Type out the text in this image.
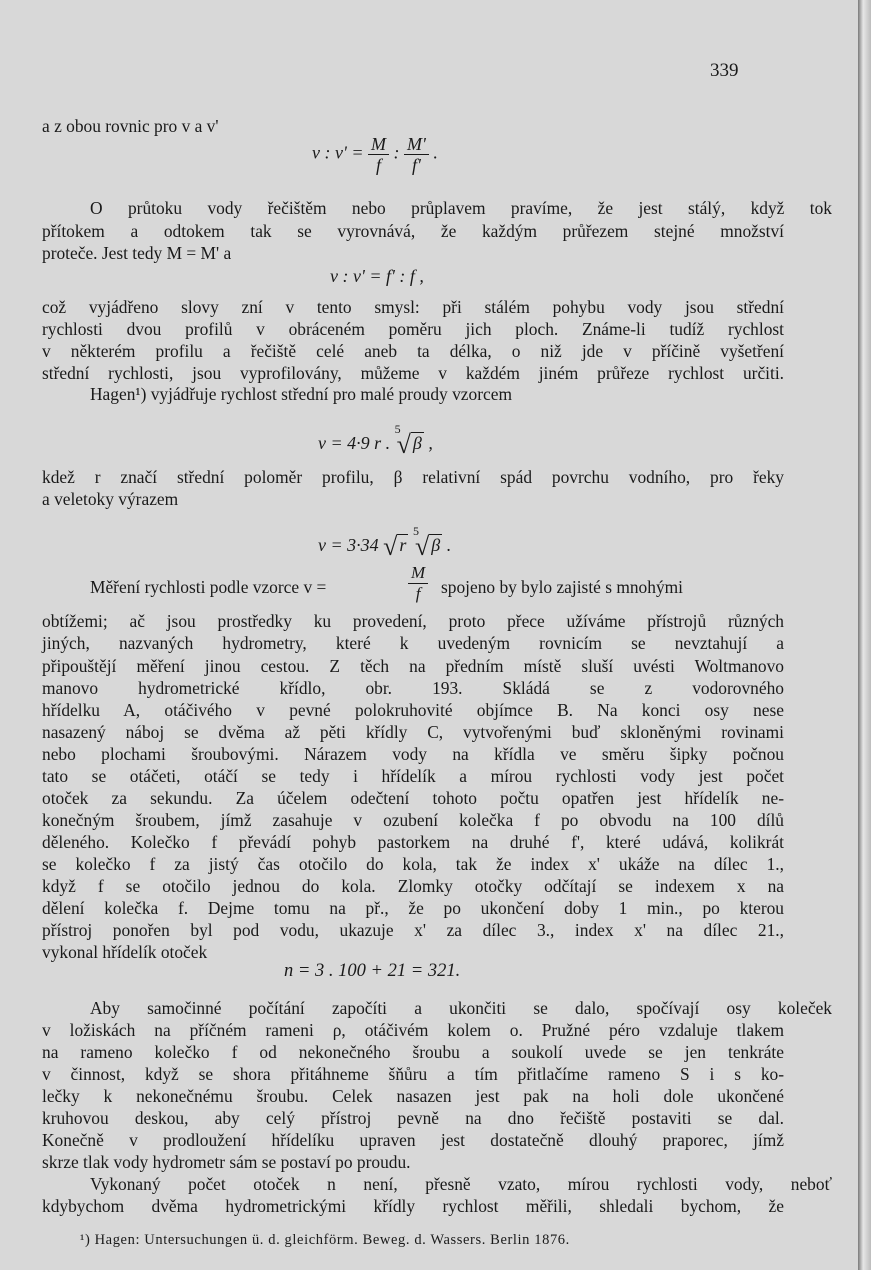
339
a z obou rovnic pro v a v'
v : $v' = \frac{M}{f}$ : $\frac{M'}{f'}$ .
O průtoku vody řečištěm nebo průplavem pravíme, že jest stálý, když tok
přítokem a odtokem tak se vyrovnává, že každým průřezem stejné množství
proteče. Jest tedy M = M' a
v : v' = f' : f ,
což vyjádřeno slovy zní v tento smysl: při stálém pohybu vody jsou střední
rychlosti dvou profilů v obráceném poměru jich ploch. Známe-li tudíž rychlost
v některém profilu a řečiště celé aneb ta délka, o niž jde v příčině vyšetření
střední rychlosti, jsou vyprofilovány, můžeme v každém jiném průřeze rychlost určiti.
Hagen¹) vyjádřuje rychlost střední pro malé proudy vzorcem
v = 4·9 r . $^5$√ β ,
kdež r značí střední poloměr profilu, β relativní spád povrchu vodního, pro řeky
a veletoky výrazem
v = 3·34 √ r $^5$√ β .
Měření rychlosti podle vzorce v =	$\frac{M}{f}$ spojeno by bylo zajisté s mnohými
obtížemi; ač jsou prostředky ku provedení, proto přece užíváme přístrojů různých
jiných, nazvaných hydrometry, které k uvedeným rovnicím se nevztahují a
připouštějí měření jinou cestou. Z těch na předním místě sluší uvésti Woltmanovo
manovo hydrometrické křídlo, obr. 193. Skládá se z vodorovného
hřídelku A, otáčivého v pevné polokruhovité objímce B. Na konci osy nese
nasazený náboj se dvěma až pěti křídly C, vytvořenými buď skloněnými rovinami
nebo plochami šroubovými. Nárazem vody na křídla ve směru šipky počnou
tato se otáčeti, otáčí se tedy i hřídelík a mírou rychlosti vody jest počet
otoček za sekundu. Za účelem odečtení tohoto počtu opatřen jest hřídelík ne-
konečným šroubem, jímž zasahuje v ozubení kolečka f po obvodu na 100 dílů
děleného. Kolečko f převádí pohyb pastorkem na druhé f', které udává, kolikrát
se kolečko f za jistý čas otočilo do kola, tak že index x' ukáže na dílec 1.,
když f se otočilo jednou do kola. Zlomky otočky odčítají se indexem x na
dělení kolečka f. Dejme tomu na př., že po ukončení doby 1 min., po kterou
přístroj ponořen byl pod vodu, ukazuje x' za dílec 3., index x' na dílec 21.,
vykonal hřídelík otoček
n = 3 . 100 + 21 = 321.
Aby samočinné počítání započíti a ukončiti se dalo, spočívají osy koleček
v ložiskách na příčném rameni ρ, otáčivém kolem o. Pružné péro vzdaluje tlakem
na rameno kolečko f od nekonečného šroubu a soukolí uvede se jen tenkráte
v činnost, když se shora přitáhneme šňůru a tím přitlačíme rameno S i s ko-
lečky k nekonečnému šroubu. Celek nasazen jest pak na holi dole ukončené
kruhovou deskou, aby celý přístroj pevně na dno řečiště postaviti se dal.
Konečně v prodloužení hřídelíku upraven jest dostatečně dlouhý praporec, jímž
skrze tlak vody hydrometr sám se postaví po proudu.
Vykonaný počet otoček n není, přesně vzato, mírou rychlosti vody, neboť
kdybychom dvěma hydrometrickými křídly rychlost měřili, shledali bychom, že
¹) Hagen: Untersuchungen ü. d. gleichförm. Beweg. d. Wassers. Berlin 1876.
